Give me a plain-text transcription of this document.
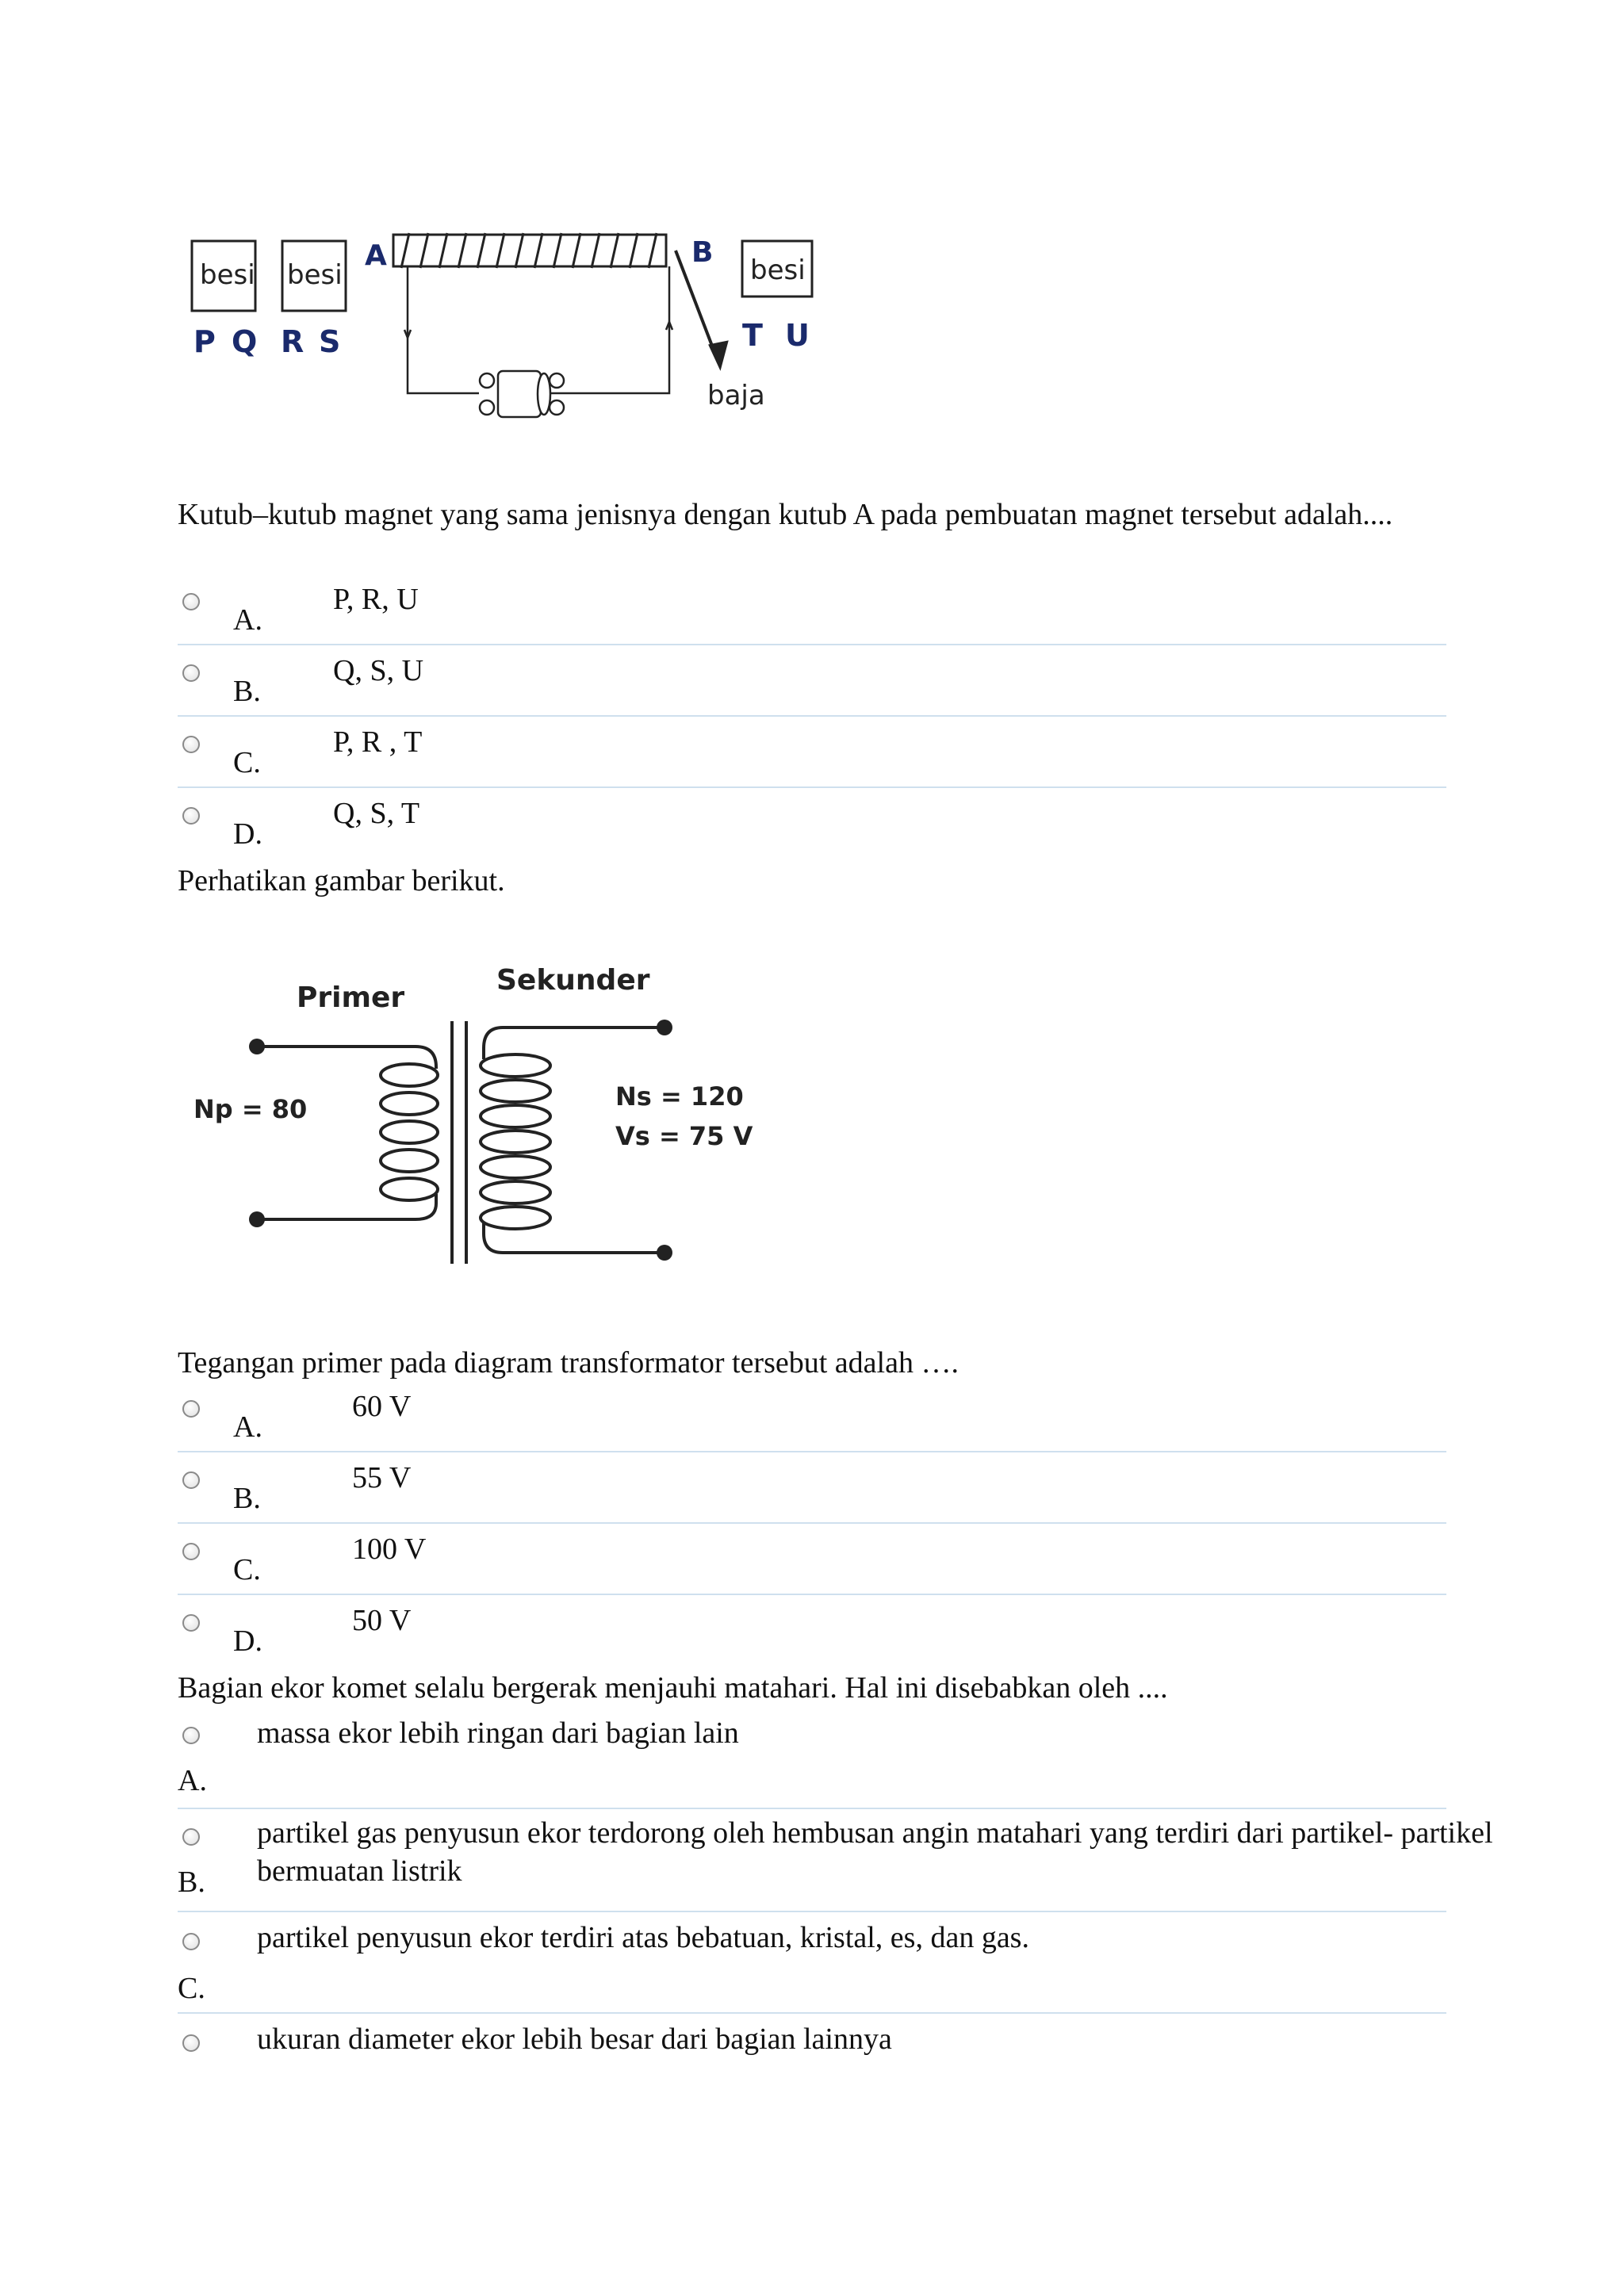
besi besi
P Q R S
A	B
besi
T U
baja
Kutub–kutub magnet yang sama jenisnya dengan kutub A pada pembuatan magnet tersebut adalah....
A.
P, R, U
B.
Q, S, U
C.
P, R , T
D.
Q, S, T
Perhatikan gambar berikut.
Primer
Sekunder
Np = 80	Ns = 120
Vs = 75 V
Tegangan primer pada diagram transformator tersebut adalah ….
A.
60 V
B.
55 V
C.
100 V
D.
50 V
Bagian ekor komet selalu bergerak menjauhi matahari. Hal ini disebabkan oleh ....
A.
massa ekor lebih ringan dari bagian lain
B.
partikel gas penyusun ekor terdorong oleh hembusan angin matahari yang terdiri dari partikel- partikel bermuatan listrik
C.
partikel penyusun ekor terdiri atas bebatuan, kristal, es, dan gas.
ukuran diameter ekor lebih besar dari bagian lainnya
